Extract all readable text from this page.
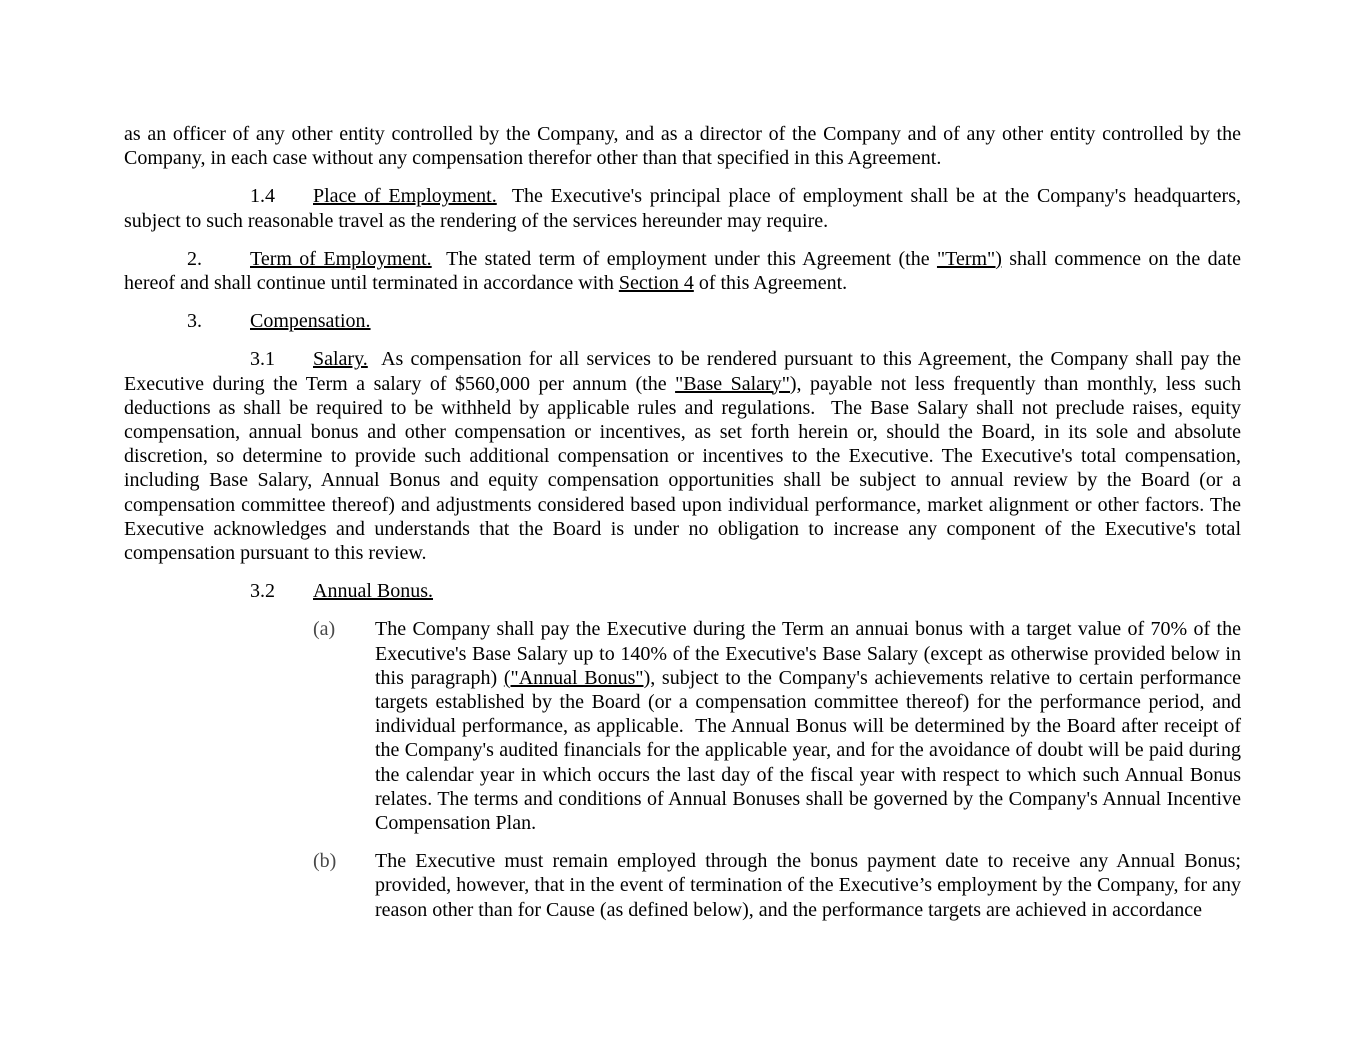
as an officer of any other entity controlled by the Company, and as a director of the Company and of any other entity controlled by the Company, in each case without any compensation therefor other than that specified in this Agreement.

1.4 Place of Employment.  The Executive's principal place of employment shall be at the Company's headquarters, subject to such reasonable travel as the rendering of the services hereunder may require.

2. Term of Employment.  The stated term of employment under this Agreement (the "Term") shall commence on the date hereof and shall continue until terminated in accordance with Section 4 of this Agreement.

3. Compensation.

3.1 Salary.  As compensation for all services to be rendered pursuant to this Agreement, the Company shall pay the Executive during the Term a salary of $560,000 per annum (the "Base Salary"), payable not less frequently than monthly, less such deductions as shall be required to be withheld by applicable rules and regulations.  The Base Salary shall not preclude raises, equity compensation, annual bonus and other compensation or incentives, as set forth herein or, should the Board, in its sole and absolute discretion, so determine to provide such additional compensation or incentives to the Executive. The Executive's total compensation, including Base Salary, Annual Bonus and equity compensation opportunities shall be subject to annual review by the Board (or a compensation committee thereof) and adjustments considered based upon individual performance, market alignment or other factors. The Executive acknowledges and understands that the Board is under no obligation to increase any component of the Executive's total compensation pursuant to this review.

3.2 Annual Bonus.

(a) The Company shall pay the Executive during the Term an annuai bonus with a target value of 70% of the Executive's Base Salary up to 140% of the Executive's Base Salary (except as otherwise provided below in this paragraph) ("Annual Bonus"), subject to the Company's achievements relative to certain performance targets established by the Board (or a compensation committee thereof) for the performance period, and individual performance, as applicable.  The Annual Bonus will be determined by the Board after receipt of the Company's audited financials for the applicable year, and for the avoidance of doubt will be paid during the calendar year in which occurs the last day of the fiscal year with respect to which such Annual Bonus relates. The terms and conditions of Annual Bonuses shall be governed by the Company's Annual Incentive Compensation Plan.

(b) The Executive must remain employed through the bonus payment date to receive any Annual Bonus; provided, however, that in the event of termination of the Executive’s employment by the Company, for any reason other than for Cause (as defined below), and the performance targets are achieved in accordance
